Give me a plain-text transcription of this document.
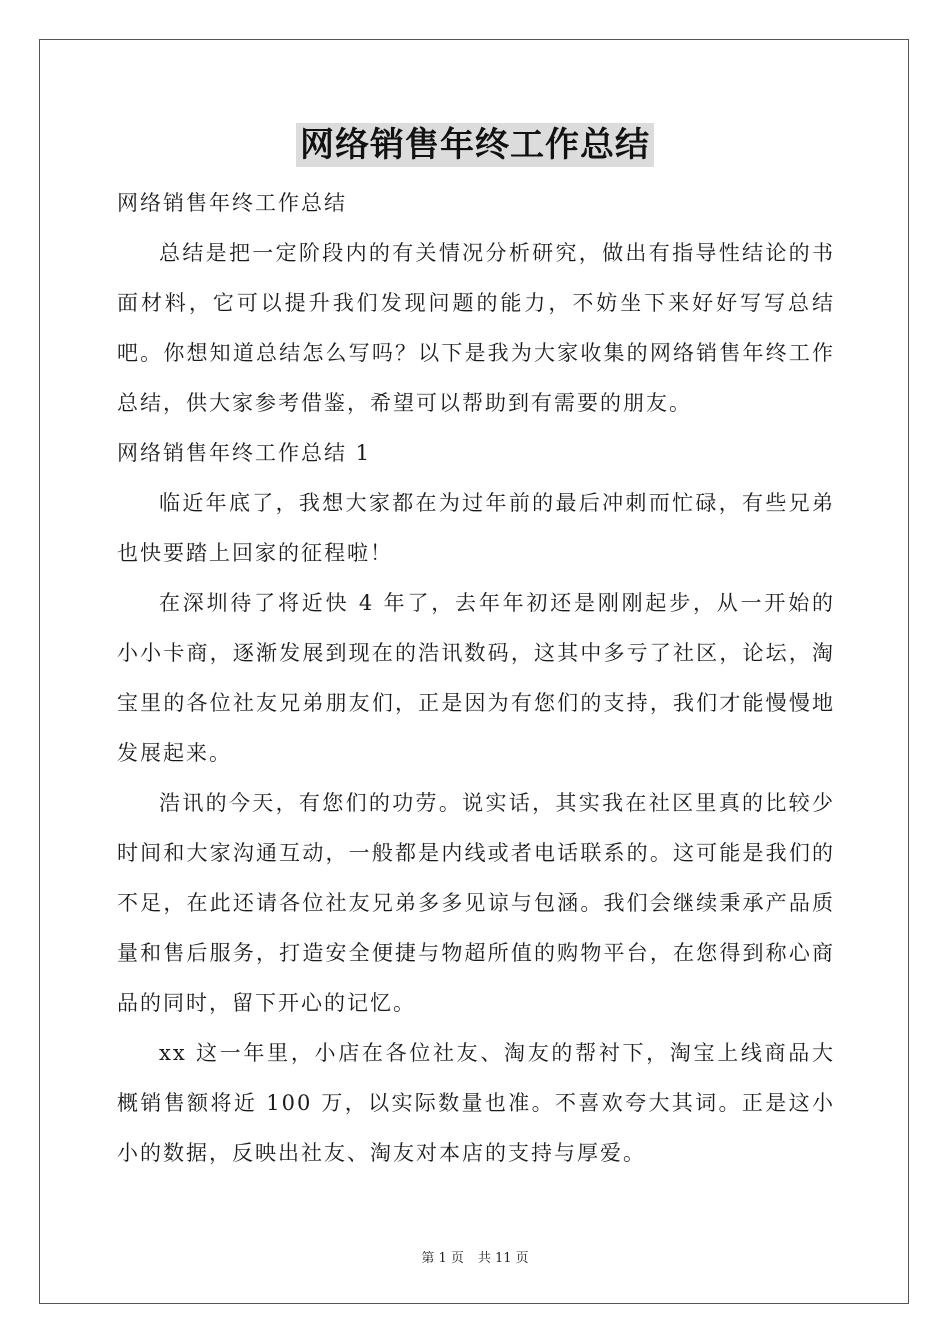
网络销售年终工作总结

网络销售年终工作总结

总结是把一定阶段内的有关情况分析研究，做出有指导性结论的书面材料，它可以提升我们发现问题的能力，不妨坐下来好好写写总结吧。你想知道总结怎么写吗？以下是我为大家收集的网络销售年终工作总结，供大家参考借鉴，希望可以帮助到有需要的朋友。

网络销售年终工作总结 1

临近年底了，我想大家都在为过年前的最后冲刺而忙碌，有些兄弟也快要踏上回家的征程啦！

在深圳待了将近快 4 年了，去年年初还是刚刚起步，从一开始的小小卡商，逐渐发展到现在的浩讯数码，这其中多亏了社区，论坛，淘宝里的各位社友兄弟朋友们，正是因为有您们的支持，我们才能慢慢地发展起来。

浩讯的今天，有您们的功劳。说实话，其实我在社区里真的比较少时间和大家沟通互动，一般都是内线或者电话联系的。这可能是我们的不足，在此还请各位社友兄弟多多见谅与包涵。我们会继续秉承产品质量和售后服务，打造安全便捷与物超所值的购物平台，在您得到称心商品的同时，留下开心的记忆。

xx 这一年里，小店在各位社友、淘友的帮衬下，淘宝上线商品大概销售额将近 100 万，以实际数量也准。不喜欢夸大其词。正是这小小的数据，反映出社友、淘友对本店的支持与厚爱。

第 1 页 共 11 页
